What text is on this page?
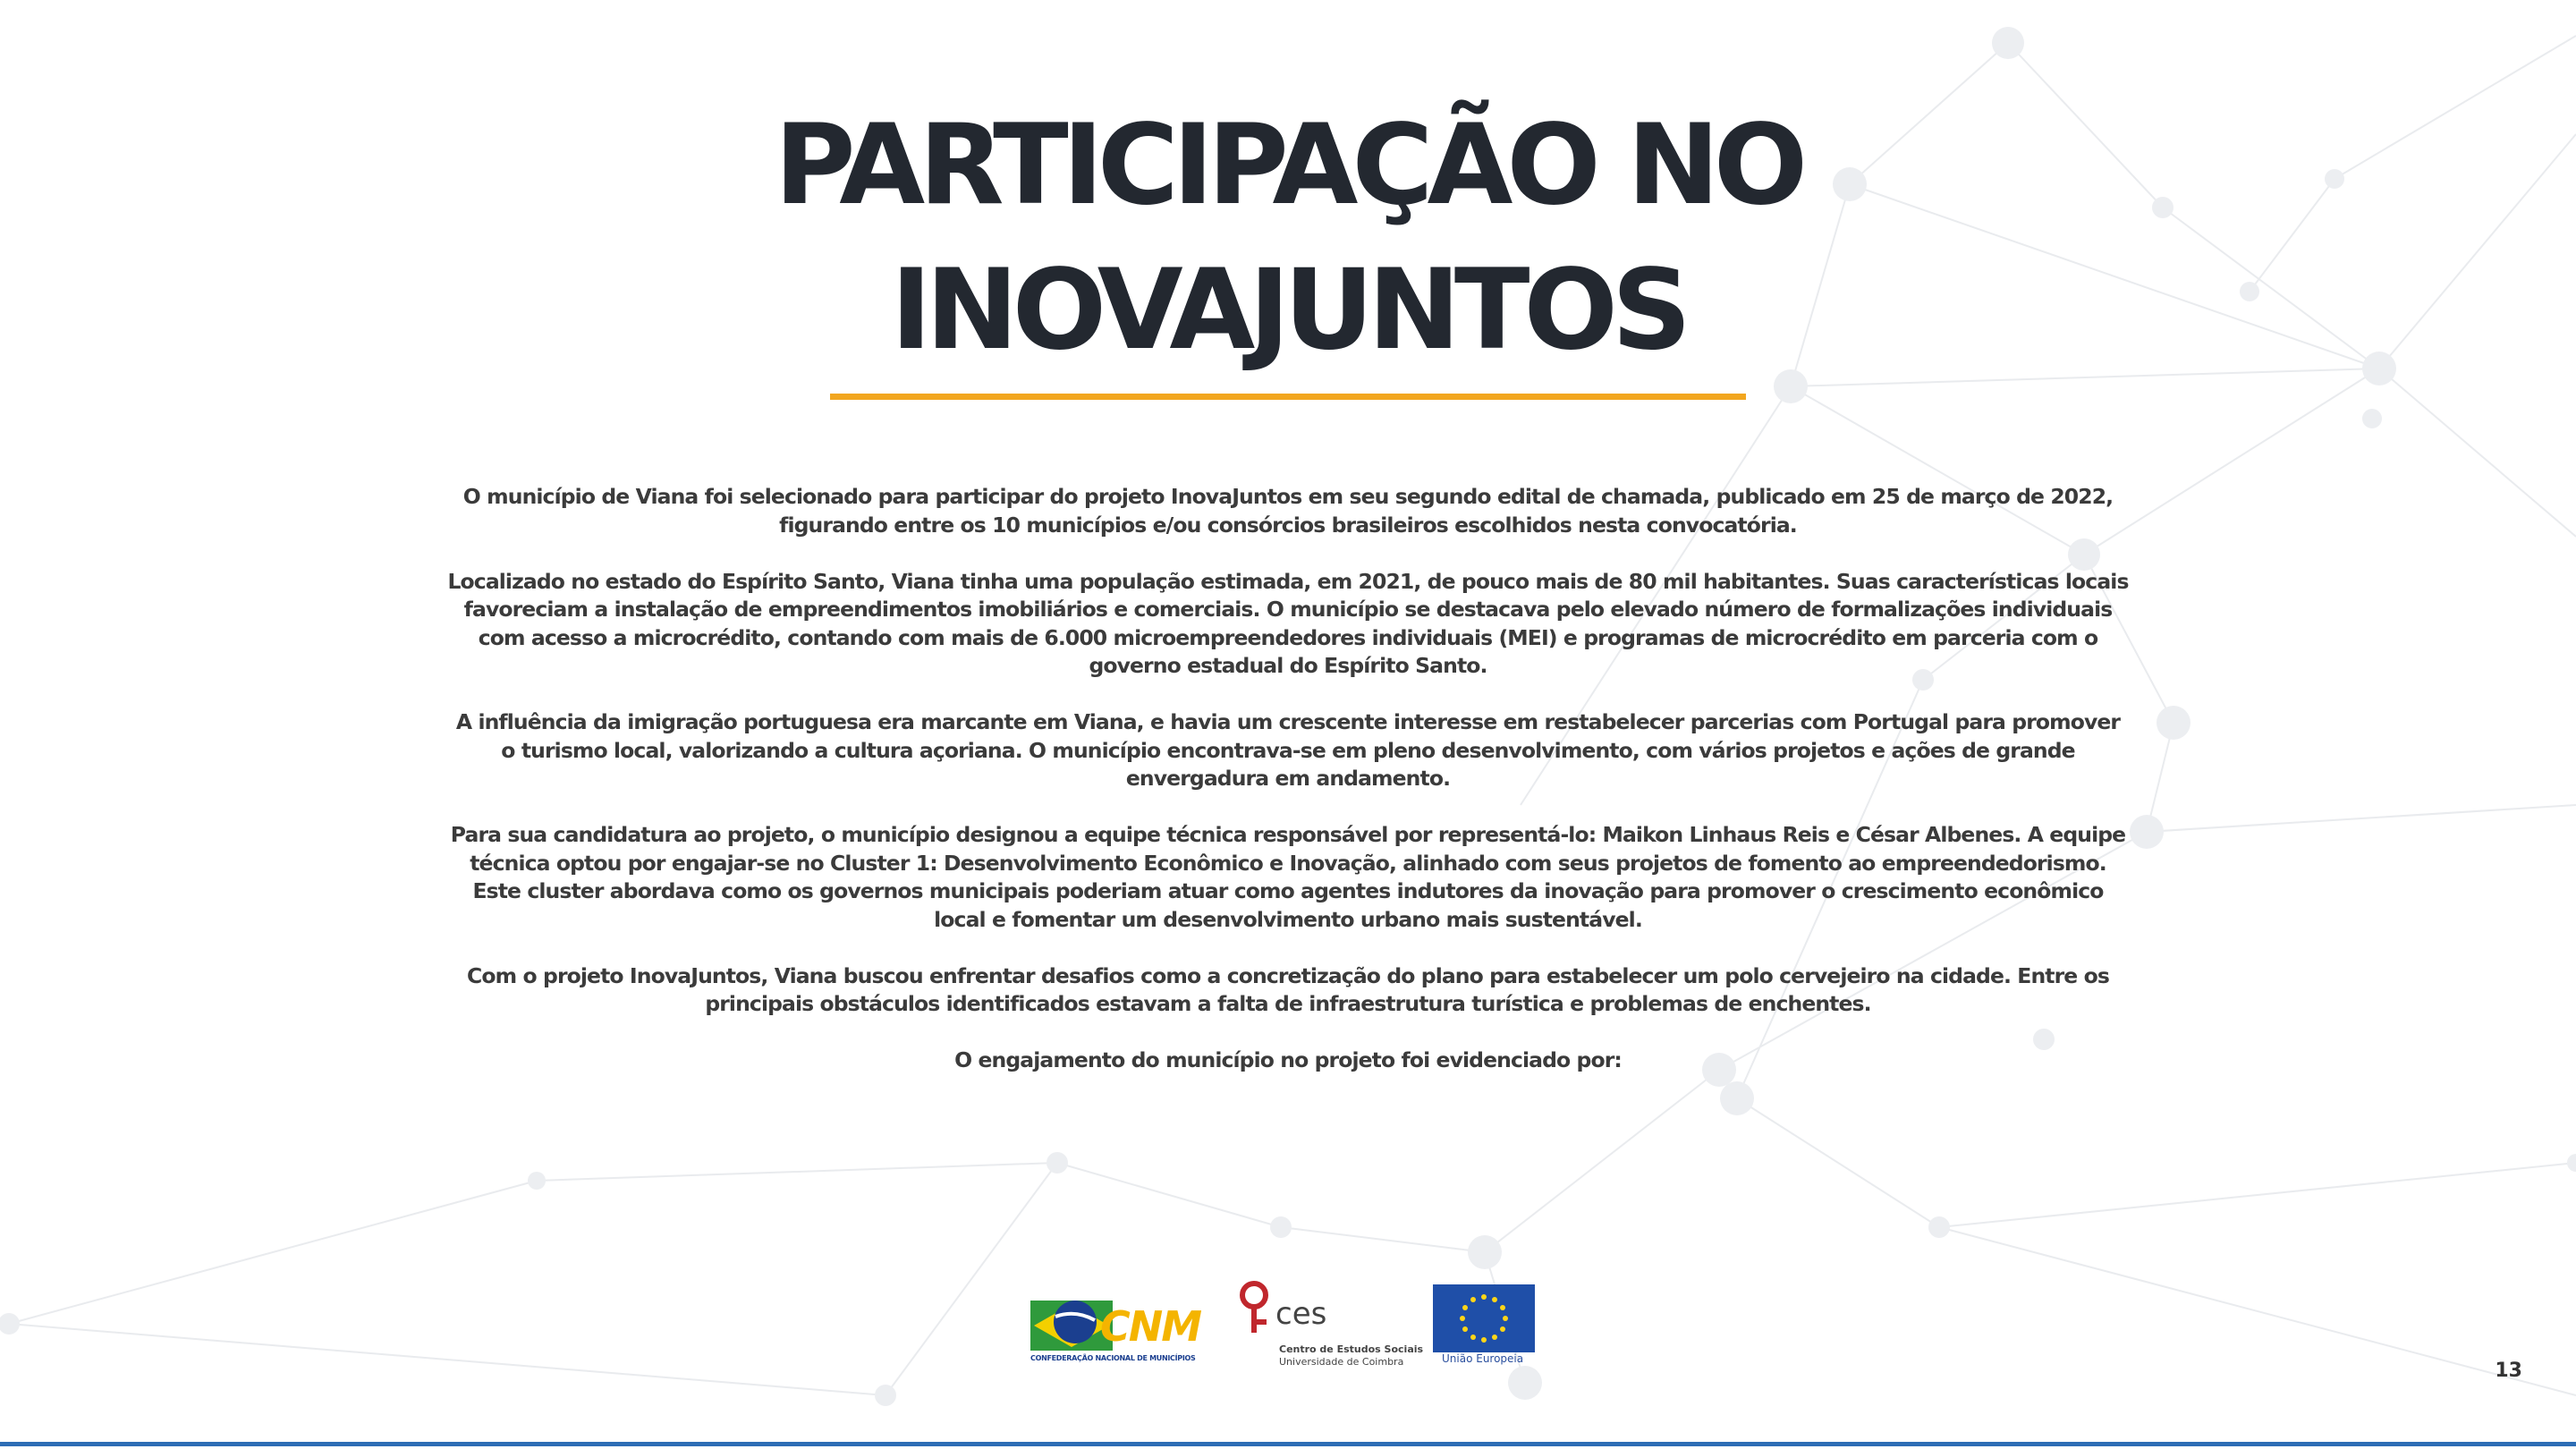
PARTICIPAÇÃO NO
INOVAJUNTOS

O município de Viana foi selecionado para participar do projeto InovaJuntos em seu segundo edital de chamada, publicado em 25 de março de 2022, figurando entre os 10 municípios e/ou consórcios brasileiros escolhidos nesta convocatória.

Localizado no estado do Espírito Santo, Viana tinha uma população estimada, em 2021, de pouco mais de 80 mil habitantes. Suas características locais favoreciam a instalação de empreendimentos imobiliários e comerciais. O município se destacava pelo elevado número de formalizações individuais com acesso a microcrédito, contando com mais de 6.000 microempreendedores individuais (MEI) e programas de microcrédito em parceria com o governo estadual do Espírito Santo.

A influência da imigração portuguesa era marcante em Viana, e havia um crescente interesse em restabelecer parcerias com Portugal para promover o turismo local, valorizando a cultura açoriana. O município encontrava-se em pleno desenvolvimento, com vários projetos e ações de grande envergadura em andamento.

Para sua candidatura ao projeto, o município designou a equipe técnica responsável por representá-lo: Maikon Linhaus Reis e César Albenes. A equipe técnica optou por engajar-se no Cluster 1: Desenvolvimento Econômico e Inovação, alinhado com seus projetos de fomento ao empreendedorismo. Este cluster abordava como os governos municipais poderiam atuar como agentes indutores da inovação para promover o crescimento econômico local e fomentar um desenvolvimento urbano mais sustentável.

Com o projeto InovaJuntos, Viana buscou enfrentar desafios como a concretização do plano para estabelecer um polo cervejeiro na cidade. Entre os principais obstáculos identificados estavam a falta de infraestrutura turística e problemas de enchentes.

O engajamento do município no projeto foi evidenciado por:

CNM
CONFEDERAÇÃO NACIONAL DE MUNICÍPIOS
ces
Centro de Estudos Sociais
Universidade de Coimbra	União Europeia
13
